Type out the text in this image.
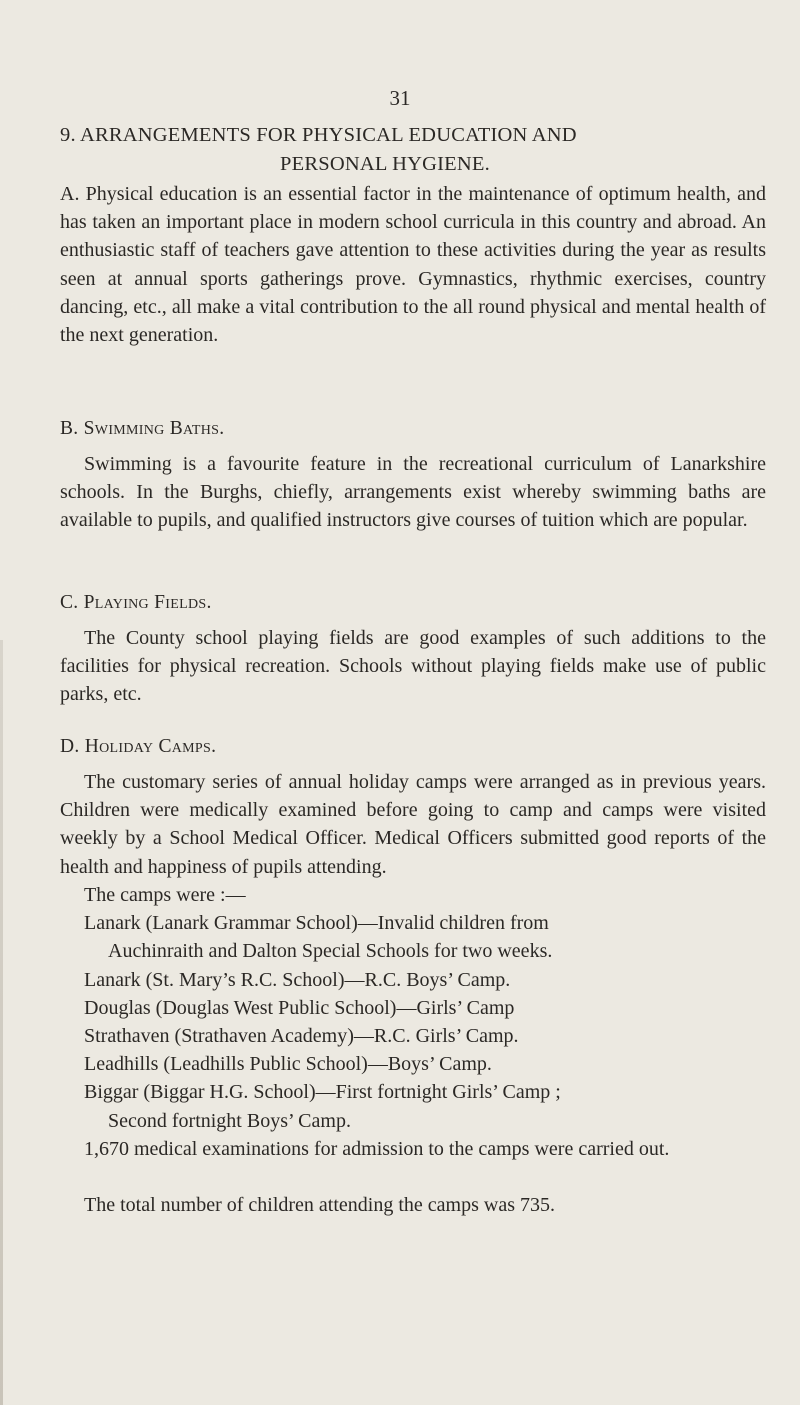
31
9. ARRANGEMENTS FOR PHYSICAL EDUCATION AND
PERSONAL HYGIENE.

A. Physical education is an essential factor in the maintenance of optimum health, and has taken an important place in modern school curricula in this country and abroad. An enthusiastic staff of teachers gave attention to these activities during the year as results seen at annual sports gatherings prove. Gymnastics, rhythmic exercises, country dancing, etc., all make a vital contribution to the all round physical and mental health of the next generation.

B. Swimming Baths.

Swimming is a favourite feature in the recreational curriculum of Lanarkshire schools. In the Burghs, chiefly, arrangements exist whereby swimming baths are available to pupils, and qualified instructors give courses of tuition which are popular.

C. Playing Fields.

The County school playing fields are good examples of such additions to the facilities for physical recreation. Schools without playing fields make use of public parks, etc.

D. Holiday Camps.

The customary series of annual holiday camps were arranged as in previous years. Children were medically examined before going to camp and camps were visited weekly by a School Medical Officer. Medical Officers submitted good reports of the health and happiness of pupils attending.

The camps were :—
Lanark (Lanark Grammar School)—Invalid children from
Auchinraith and Dalton Special Schools for two weeks.
Lanark (St. Mary’s R.C. School)—R.C. Boys’ Camp.
Douglas (Douglas West Public School)—Girls’ Camp
Strathaven (Strathaven Academy)—R.C. Girls’ Camp.
Leadhills (Leadhills Public School)—Boys’ Camp.
Biggar (Biggar H.G. School)—First fortnight Girls’ Camp ;
Second fortnight Boys’ Camp.

1,670 medical examinations for admission to the camps were carried out.

The total number of children attending the camps was 735.
